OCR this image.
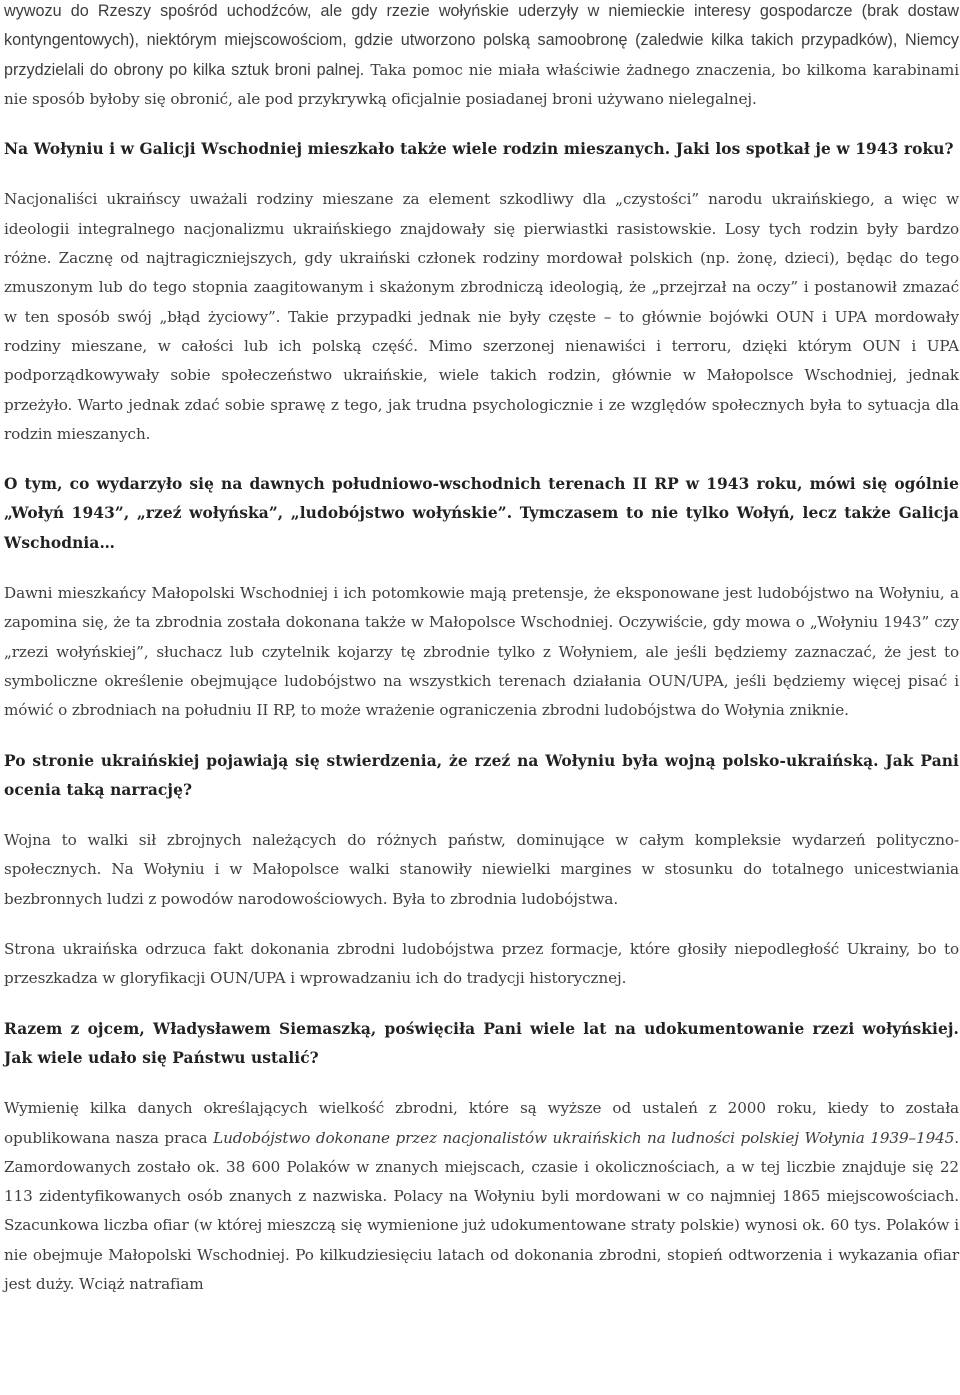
wywozu do Rzeszy spośród uchodźców, ale gdy rzezie wołyńskie uderzyły w niemieckie interesy gospodarcze (brak dostaw kontyngentowych), niektórym miejscowościom, gdzie utworzono polską samoobronę (zaledwie kilka takich przypadków), Niemcy przydzielali do obrony po kilka sztuk broni palnej. Taka pomoc nie miała właściwie żadnego znaczenia, bo kilkoma karabinami nie sposób byłoby się obronić, ale pod przykrywką oficjalnie posiadanej broni używano nielegalnej.

Na Wołyniu i w Galicji Wschodniej mieszkało także wiele rodzin mieszanych. Jaki los spotkał je w 1943 roku?

Nacjonaliści ukraińscy uważali rodziny mieszane za element szkodliwy dla „czystości” narodu ukraińskiego, a więc w ideologii integralnego nacjonalizmu ukraińskiego znajdowały się pierwiastki rasistowskie. Losy tych rodzin były bardzo różne. Zacznę od najtragiczniejszych, gdy ukraiński członek rodziny mordował polskich (np. żonę, dzieci), będąc do tego zmuszonym lub do tego stopnia zaagitowanym i skażonym zbrodniczą ideologią, że „przejrzał na oczy” i postanowił zmazać w ten sposób swój „błąd życiowy”. Takie przypadki jednak nie były częste – to głównie bojówki OUN i UPA mordowały rodziny mieszane, w całości lub ich polską część. Mimo szerzonej nienawiści i terroru, dzięki którym OUN i UPA podporządkowywały sobie społeczeństwo ukraińskie, wiele takich rodzin, głównie w Małopolsce Wschodniej, jednak przeżyło. Warto jednak zdać sobie sprawę z tego, jak trudna psychologicznie i ze względów społecznych była to sytuacja dla rodzin mieszanych.

O tym, co wydarzyło się na dawnych południowo-wschodnich terenach II RP w 1943 roku, mówi się ogólnie „Wołyń 1943”, „rzeź wołyńska”, „ludobójstwo wołyńskie”. Tymczasem to nie tylko Wołyń, lecz także Galicja Wschodnia…

Dawni mieszkańcy Małopolski Wschodniej i ich potomkowie mają pretensje, że eksponowane jest ludobójstwo na Wołyniu, a zapomina się, że ta zbrodnia została dokonana także w Małopolsce Wschodniej. Oczywiście, gdy mowa o „Wołyniu 1943” czy „rzezi wołyńskiej”, słuchacz lub czytelnik kojarzy tę zbrodnie tylko z Wołyniem, ale jeśli będziemy zaznaczać, że jest to symboliczne określenie obejmujące ludobójstwo na wszystkich terenach działania OUN/UPA, jeśli będziemy więcej pisać i mówić o zbrodniach na południu II RP, to może wrażenie ograniczenia zbrodni ludobójstwa do Wołynia zniknie.

Po stronie ukraińskiej pojawiają się stwierdzenia, że rzeź na Wołyniu była wojną polsko-ukraińską. Jak Pani ocenia taką narrację?

Wojna to walki sił zbrojnych należących do różnych państw, dominujące w całym kompleksie wydarzeń polityczno-społecznych. Na Wołyniu i w Małopolsce walki stanowiły niewielki margines w stosunku do totalnego unicestwiania bezbronnych ludzi z powodów narodowościowych. Była to zbrodnia ludobójstwa.

Strona ukraińska odrzuca fakt dokonania zbrodni ludobójstwa przez formacje, które głosiły niepodległość Ukrainy, bo to przeszkadza w gloryfikacji OUN/UPA i wprowadzaniu ich do tradycji historycznej.

Razem z ojcem, Władysławem Siemaszką, poświęciła Pani wiele lat na udokumentowanie rzezi wołyńskiej. Jak wiele udało się Państwu ustalić?

Wymienię kilka danych określających wielkość zbrodni, które są wyższe od ustaleń z 2000 roku, kiedy to została opublikowana nasza praca Ludobójstwo dokonane przez nacjonalistów ukraińskich na ludności polskiej Wołynia 1939–1945. Zamordowanych zostało ok. 38 600 Polaków w znanych miejscach, czasie i okolicznościach, a w tej liczbie znajduje się 22 113 zidentyfikowanych osób znanych z nazwiska. Polacy na Wołyniu byli mordowani w co najmniej 1865 miejscowościach. Szacunkowa liczba ofiar (w której mieszczą się wymienione już udokumentowane straty polskie) wynosi ok. 60 tys. Polaków i nie obejmuje Małopolski Wschodniej. Po kilkudziesięciu latach od dokonania zbrodni, stopień odtworzenia i wykazania ofiar jest duży. Wciąż natrafiam
